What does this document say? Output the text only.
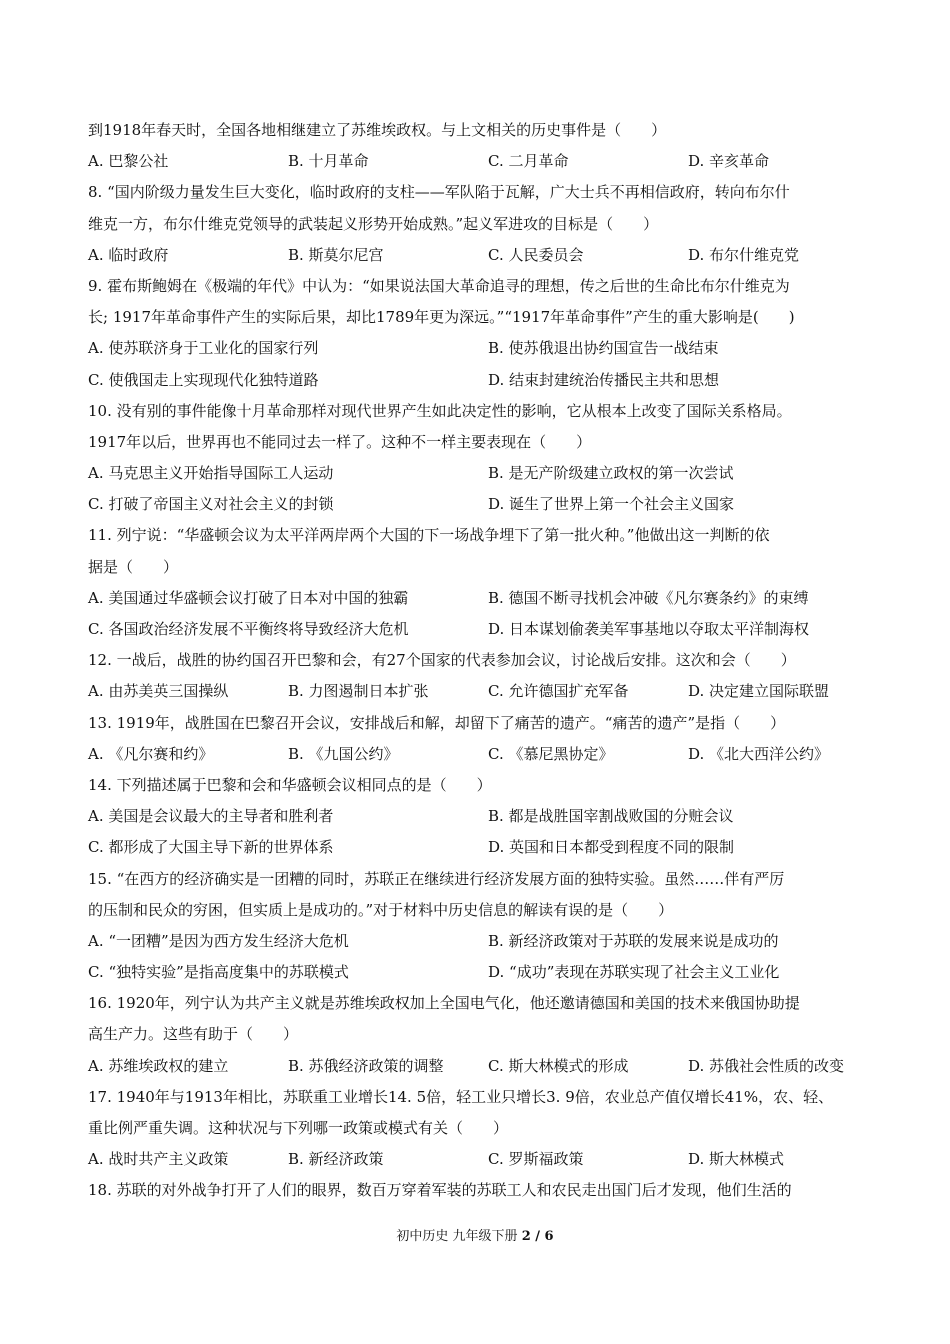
到1918年春天时，全国各地相继建立了苏维埃政权。与上文相关的历史事件是（　　）
A. 巴黎公社	B. 十月革命	C. 二月革命	D. 辛亥革命
8. “国内阶级力量发生巨大变化，临时政府的支柱——军队陷于瓦解，广大士兵不再相信政府，转向布尔什
维克一方，布尔什维克党领导的武装起义形势开始成熟。”起义军进攻的目标是（　　）
A. 临时政府	B. 斯莫尔尼宫	C. 人民委员会	D. 布尔什维克党
9. 霍布斯鲍姆在《极端的年代》中认为：“如果说法国大革命追寻的理想，传之后世的生命比布尔什维克为
长; 1917年革命事件产生的实际后果，却比1789年更为深远。”“1917年革命事件”产生的重大影响是(　　)
A. 使苏联济身于工业化的国家行列	B. 使苏俄退出协约国宣告一战结束
C. 使俄国走上实现现代化独特道路	D. 结束封建统治传播民主共和思想
10. 没有别的事件能像十月革命那样对现代世界产生如此决定性的影响，它从根本上改变了国际关系格局。
1917年以后，世界再也不能同过去一样了。这种不一样主要表现在（　　）
A. 马克思主义开始指导国际工人运动	B. 是无产阶级建立政权的第一次尝试
C. 打破了帝国主义对社会主义的封锁	D. 诞生了世界上第一个社会主义国家
11. 列宁说：“华盛顿会议为太平洋两岸两个大国的下一场战争埋下了第一批火种。”他做出这一判断的依
据是（　　）
A. 美国通过华盛顿会议打破了日本对中国的独霸	B. 德国不断寻找机会冲破《凡尔赛条约》的束缚
C. 各国政治经济发展不平衡终将导致经济大危机	D. 日本谋划偷袭美军事基地以夺取太平洋制海权
12. 一战后，战胜的协约国召开巴黎和会，有27个国家的代表参加会议，讨论战后安排。这次和会（　　）
A. 由苏美英三国操纵	B. 力图遏制日本扩张	C. 允许德国扩充军备	D. 决定建立国际联盟
13. 1919年，战胜国在巴黎召开会议，安排战后和解，却留下了痛苦的遗产。“痛苦的遗产”是指（　　）
A. 《凡尔赛和约》	B. 《九国公约》	C. 《慕尼黑协定》	D. 《北大西洋公约》
14. 下列描述属于巴黎和会和华盛顿会议相同点的是（　　）
A. 美国是会议最大的主导者和胜利者	B. 都是战胜国宰割战败国的分赃会议
C. 都形成了大国主导下新的世界体系	D. 英国和日本都受到程度不同的限制
15. “在西方的经济确实是一团糟的同时，苏联正在继续进行经济发展方面的独特实验。虽然……伴有严厉
的压制和民众的穷困，但实质上是成功的。”对于材料中历史信息的解读有误的是（　　）
A. “一团糟”是因为西方发生经济大危机	B. 新经济政策对于苏联的发展来说是成功的
C. “独特实验”是指高度集中的苏联模式	D. “成功”表现在苏联实现了社会主义工业化
16. 1920年，列宁认为共产主义就是苏维埃政权加上全国电气化，他还邀请德国和美国的技术来俄国协助提
高生产力。这些有助于（　　）
A. 苏维埃政权的建立	B. 苏俄经济政策的调整	C. 斯大林模式的形成	D. 苏俄社会性质的改变
17. 1940年与1913年相比，苏联重工业增长14. 5倍，轻工业只增长3. 9倍，农业总产值仅增长41%，农、轻、
重比例严重失调。这种状况与下列哪一政策或模式有关（　　）
A. 战时共产主义政策	B. 新经济政策	C. 罗斯福政策	D. 斯大林模式
18. 苏联的对外战争打开了人们的眼界，数百万穿着军装的苏联工人和农民走出国门后才发现，他们生活的
初中历史 九年级下册 2 / 6
